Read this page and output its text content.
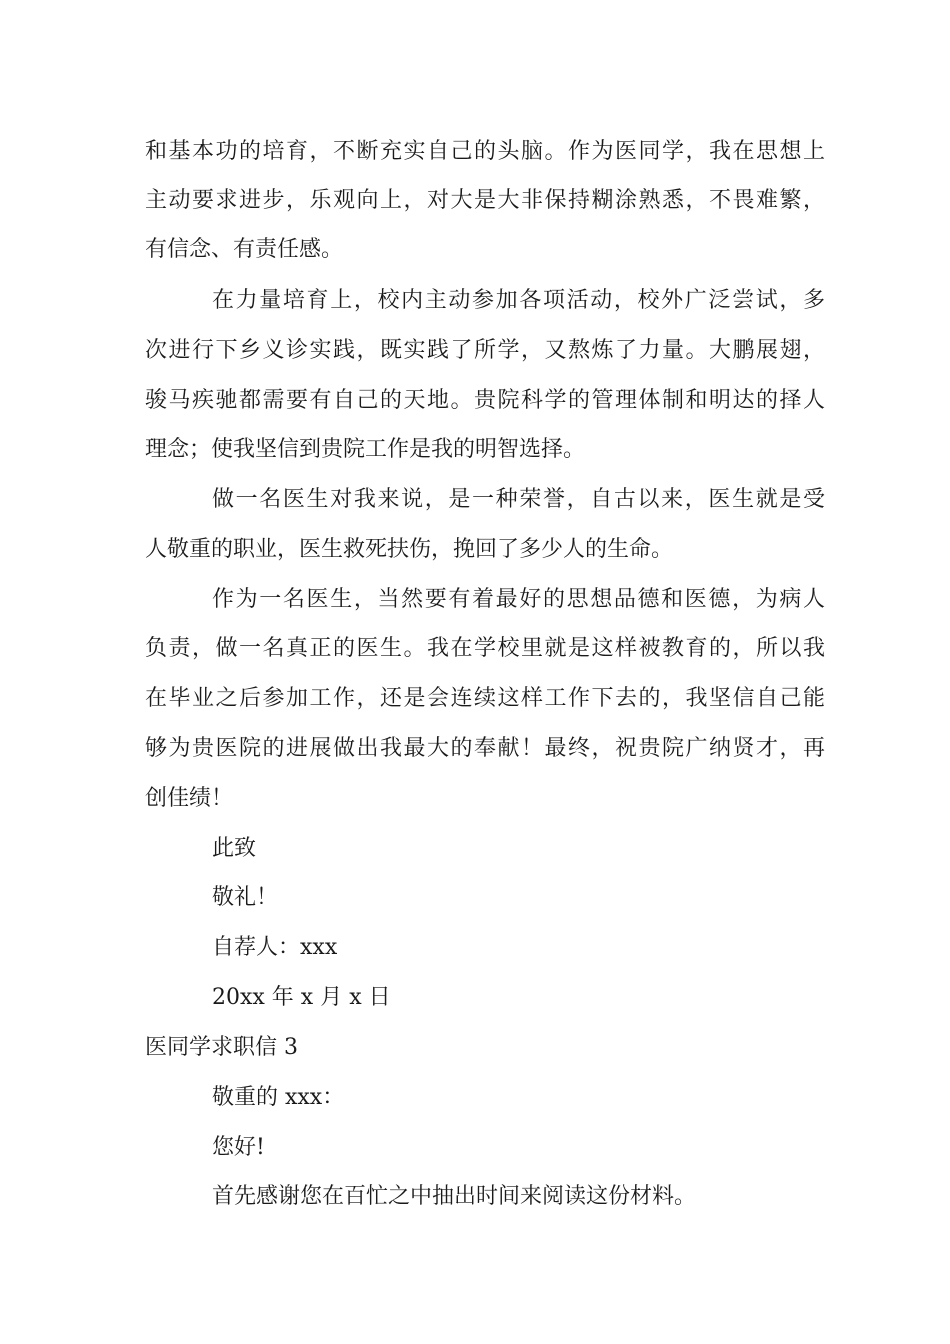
和基本功的培育，不断充实自己的头脑。作为医同学，我在思想上
主动要求进步，乐观向上，对大是大非保持糊涂熟悉，不畏难繁，
有信念、有责任感。
在力量培育上，校内主动参加各项活动，校外广泛尝试，多
次进行下乡义诊实践，既实践了所学，又熬炼了力量。大鹏展翅，
骏马疾驰都需要有自己的天地。贵院科学的管理体制和明达的择人
理念；使我坚信到贵院工作是我的明智选择。
做一名医生对我来说，是一种荣誉，自古以来，医生就是受
人敬重的职业，医生救死扶伤，挽回了多少人的生命。
作为一名医生，当然要有着最好的思想品德和医德，为病人
负责，做一名真正的医生。我在学校里就是这样被教育的，所以我
在毕业之后参加工作，还是会连续这样工作下去的，我坚信自己能
够为贵医院的进展做出我最大的奉献！最终，祝贵院广纳贤才，再
创佳绩！
此致
敬礼！
自荐人：xxx
20xx 年 x 月 x 日
医同学求职信 3
敬重的 xxx：
您好!
首先感谢您在百忙之中抽出时间来阅读这份材料。
